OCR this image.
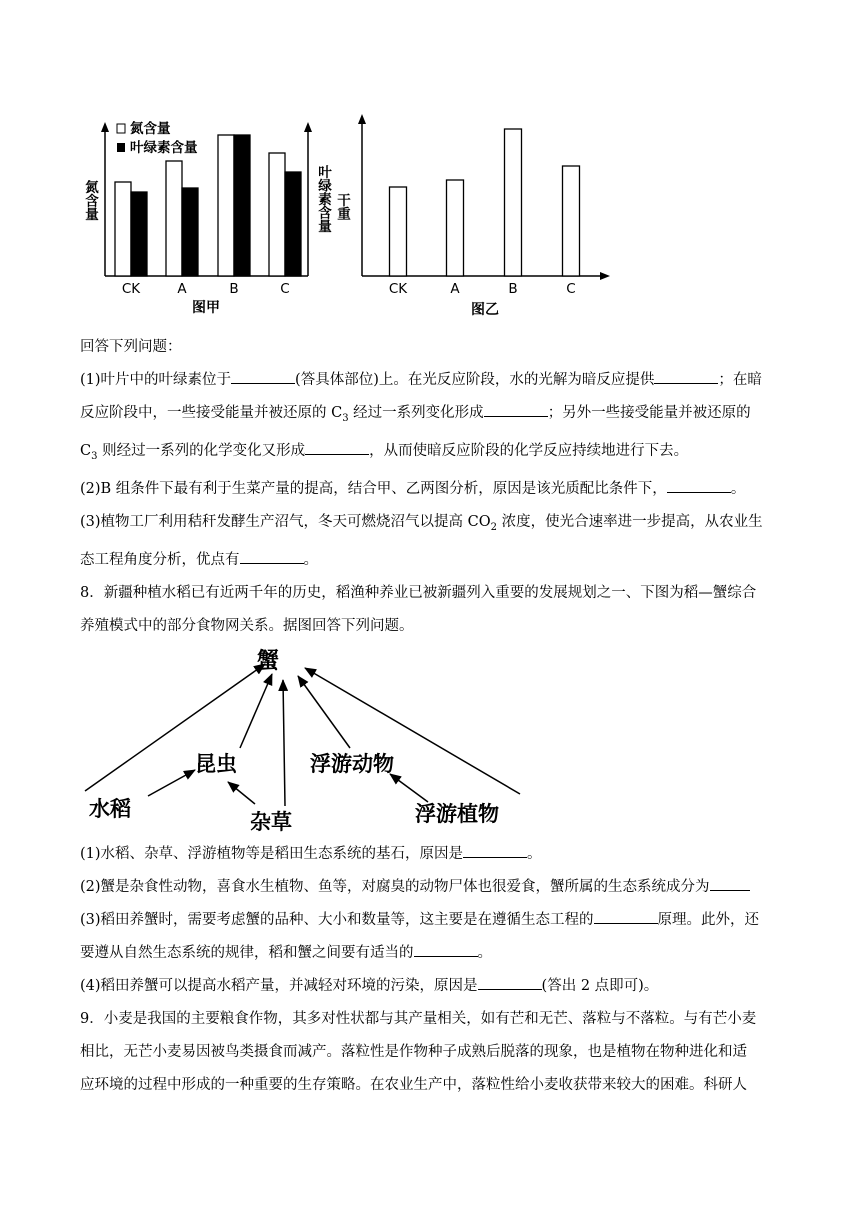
CK	A	B	C
氮含量
叶绿素含量
氮含量	叶绿素含量
图甲
CK	A	B	C
干重
图乙

回答下列问题：

(1)叶片中的叶绿素位于	(答具体部位)上。在光反应阶段，水的光解为暗反应提供	；在暗

反应阶段中，一些接受能量并被还原的 $C_3$ 经过一系列变化形成	；另外一些接受能量并被还原的

$C_3$ 则经过一系列的化学变化又形成	，从而使暗反应阶段的化学反应持续地进行下去。

(2)B 组条件下最有利于生菜产量的提高，结合甲、乙两图分析，原因是该光质配比条件下，	。

(3)植物工厂利用秸秆发酵生产沼气，冬天可燃烧沼气以提高 $CO_2$ 浓度，使光合速率进一步提高，从农业生

态工程角度分析，优点有	。

8．新疆种植水稻已有近两千年的历史，稻渔种养业已被新疆列入重要的发展规划之一、下图为稻—蟹综合

养殖模式中的部分食物网关系。据图回答下列问题。

蟹
昆虫	浮游动物
水稻
杂草	浮游植物

(1)水稻、杂草、浮游植物等是稻田生态系统的基石，原因是	。

(2)蟹是杂食性动物，喜食水生植物、鱼等，对腐臭的动物尸体也很爱食，蟹所属的生态系统成分为

(3)稻田养蟹时，需要考虑蟹的品种、大小和数量等，这主要是在遵循生态工程的	原理。此外，还

要遵从自然生态系统的规律，稻和蟹之间要有适当的	。

(4)稻田养蟹可以提高水稻产量，并减轻对环境的污染，原因是	(答出 2 点即可)。

9．小麦是我国的主要粮食作物，其多对性状都与其产量相关，如有芒和无芒、落粒与不落粒。与有芒小麦

相比，无芒小麦易因被鸟类摄食而减产。落粒性是作物种子成熟后脱落的现象，也是植物在物种进化和适

应环境的过程中形成的一种重要的生存策略。在农业生产中，落粒性给小麦收获带来较大的困难。科研人
